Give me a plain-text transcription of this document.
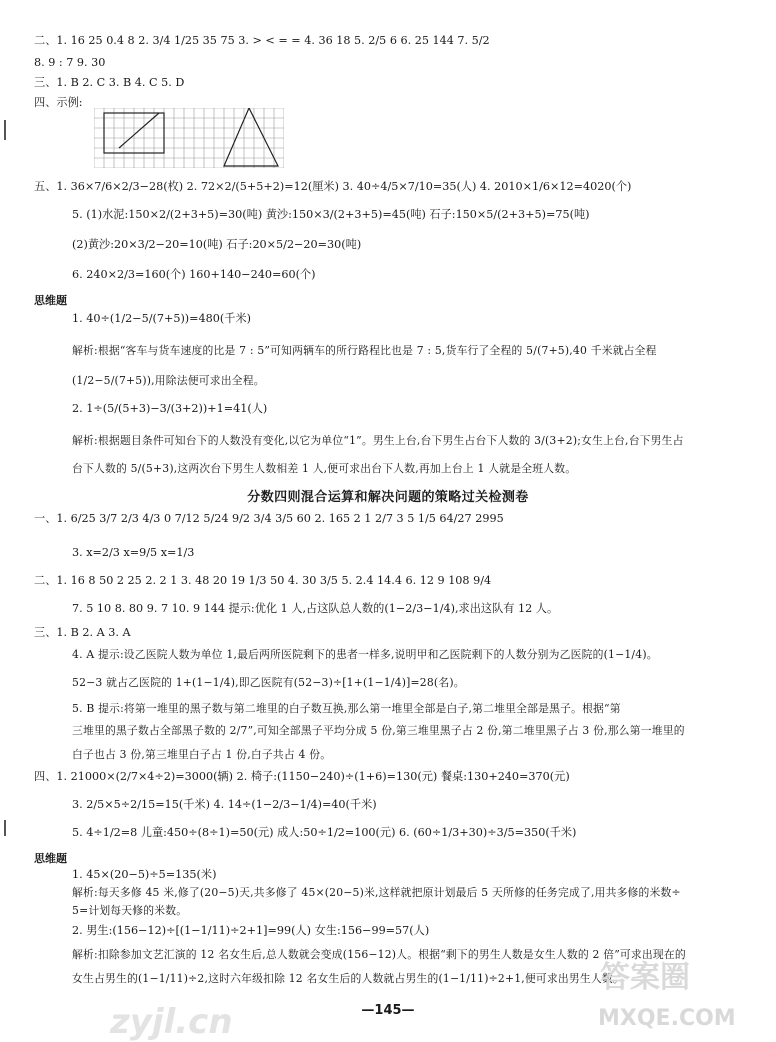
二、1. 16 25 0.4 8 2. 3/4 1/25 35 75 3. > < = = 4. 36 18 5. 2/5 6 6. 25 144 7. 5/2
8. 9 : 7 9. 30
三、1. B 2. C 3. B 4. C 5. D
四、示例:
五、1. 36×7/6×2/3−28(枚) 2. 72×2/(5+5+2)=12(厘米) 3. 40÷4/5×7/10=35(人) 4. 2010×1/6×12=4020(个)
5. (1)水泥:150×2/(2+3+5)=30(吨) 黄沙:150×3/(2+3+5)=45(吨) 石子:150×5/(2+3+5)=75(吨)
(2)黄沙:20×3/2−20=10(吨) 石子:20×5/2−20=30(吨)
6. 240×2/3=160(个) 160+140−240=60(个)
思维题
1. 40÷(1/2−5/(7+5))=480(千米)
解析:根据“客车与货车速度的比是 7 : 5”可知两辆车的所行路程比也是 7 : 5,货车行了全程的 5/(7+5),40 千米就占全程
(1/2−5/(7+5)),用除法便可求出全程。
2. 1÷(5/(5+3)−3/(3+2))+1=41(人)
解析:根据题目条件可知台下的人数没有变化,以它为单位“1”。男生上台,台下男生占台下人数的 3/(3+2);女生上台,台下男生占
台下人数的 5/(5+3),这两次台下男生人数相差 1 人,便可求出台下人数,再加上台上 1 人就是全班人数。
分数四则混合运算和解决问题的策略过关检测卷
一、1. 6/25 3/7 2/3 4/3 0 7/12 5/24 9/2 3/4 3/5 60 2. 165 2 1 2/7 3 5 1/5 64/27 2995
3. x=2/3 x=9/5 x=1/3
二、1. 16 8 50 2 25 2. 2 1 3. 48 20 19 1/3 50 4. 30 3/5 5. 2.4 14.4 6. 12 9 108 9/4
7. 5 10 8. 80 9. 7 10. 9 144 提示:优化 1 人,占这队总人数的(1−2/3−1/4),求出这队有 12 人。
三、1. B 2. A 3. A
4. A 提示:设乙医院人数为单位 1,最后两所医院剩下的患者一样多,说明甲和乙医院剩下的人数分别为乙医院的(1−1/4)。
52−3 就占乙医院的 1+(1−1/4),即乙医院有(52−3)÷[1+(1−1/4)]=28(名)。
5. B 提示:将第一堆里的黑子数与第二堆里的白子数互换,那么第一堆里全部是白子,第二堆里全部是黑子。根据“第
三堆里的黑子数占全部黑子数的 2/7”,可知全部黑子平均分成 5 份,第三堆里黑子占 2 份,第二堆里黑子占 3 份,那么第一堆里的
白子也占 3 份,第三堆里白子占 1 份,白子共占 4 份。
四、1. 21000×(2/7×4÷2)=3000(辆) 2. 椅子:(1150−240)÷(1+6)=130(元) 餐桌:130+240=370(元)
3. 2/5×5÷2/15=15(千米) 4. 14÷(1−2/3−1/4)=40(千米)
5. 4÷1/2=8 儿童:450÷(8÷1)=50(元) 成人:50÷1/2=100(元) 6. (60÷1/3+30)÷3/5=350(千米)
思维题
1. 45×(20−5)÷5=135(米)
解析:每天多修 45 米,修了(20−5)天,共多修了 45×(20−5)米,这样就把原计划最后 5 天所修的任务完成了,用共多修的米数÷
5=计划每天修的米数。
2. 男生:(156−12)÷[(1−1/11)÷2+1]=99(人) 女生:156−99=57(人)
解析:扣除参加文艺汇演的 12 名女生后,总人数就会变成(156−12)人。根据“剩下的男生人数是女生人数的 2 倍”可求出现在的
女生占男生的(1−1/11)÷2,这时六年级扣除 12 名女生后的人数就占男生的(1−1/11)÷2+1,便可求出男生人数。
—145—
答案圈
MXQE.COM
zyjl.cn
